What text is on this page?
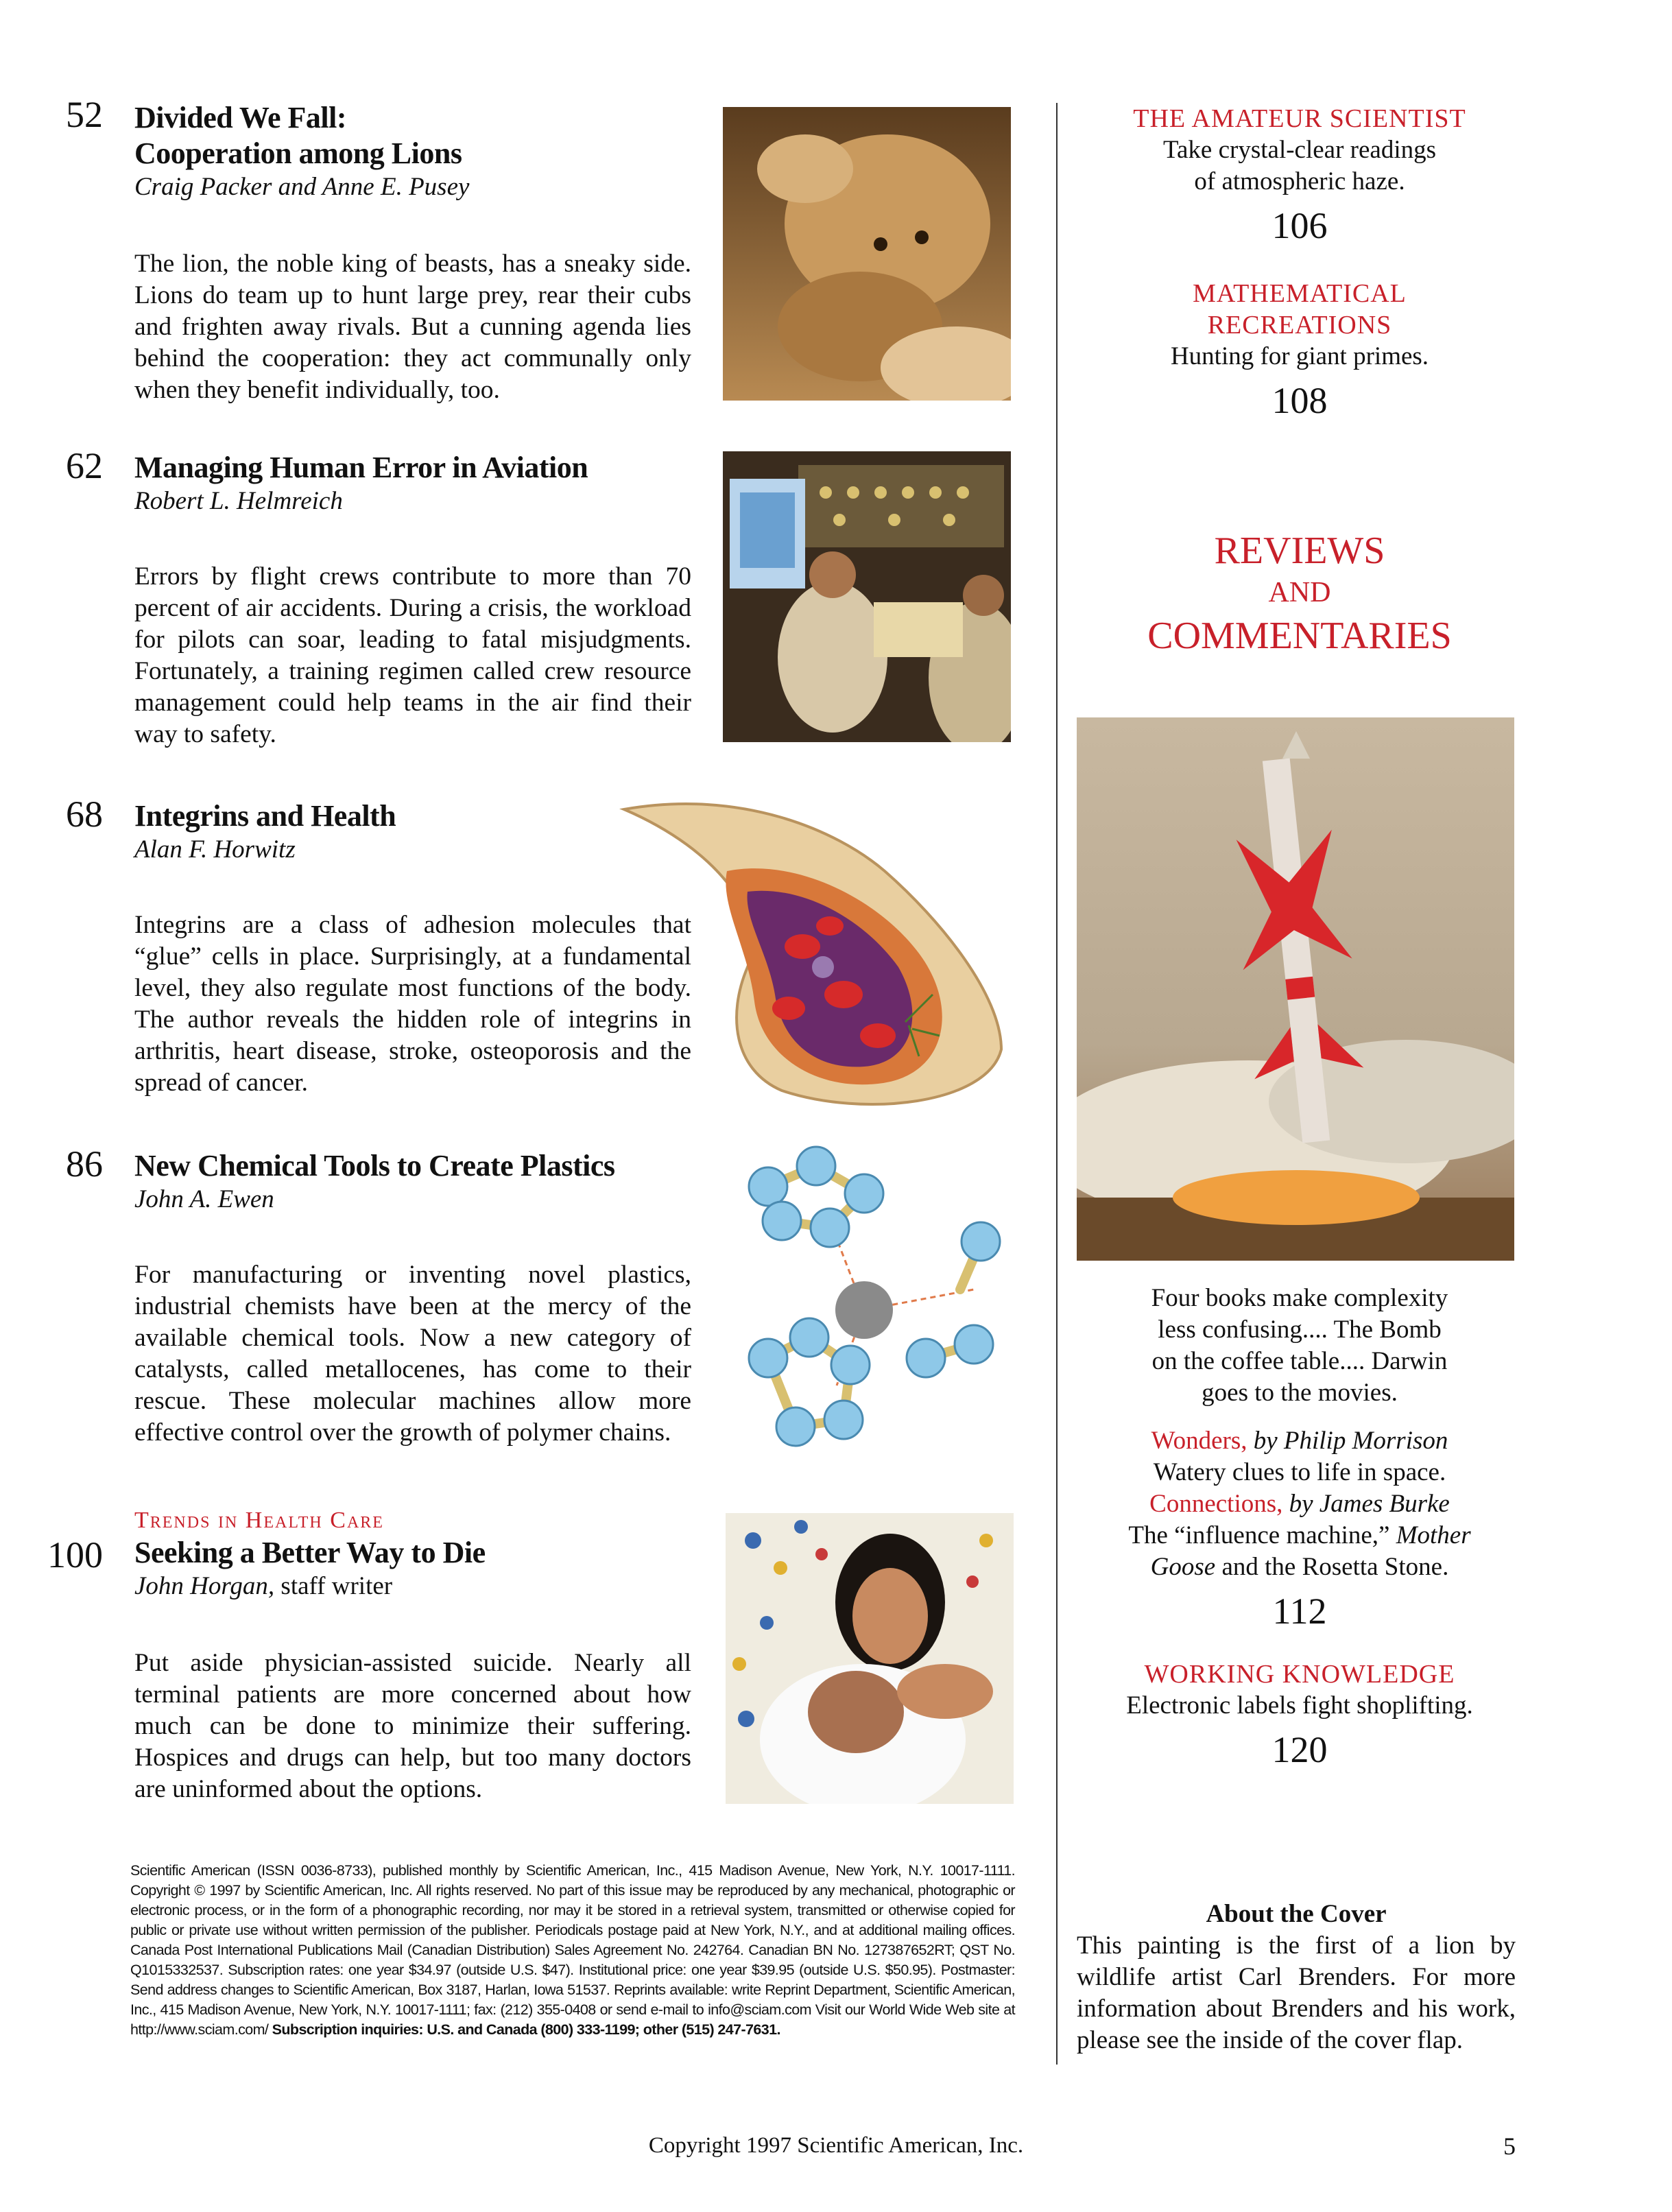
52 Divided We Fall:
Cooperation among Lions
Craig Packer and Anne E. Pusey
The lion, the noble king of beasts, has a sneaky side. Lions do team up to hunt large prey, rear their cubs and frighten away rivals. But a cunning agenda lies behind the cooperation: they act communally only when they benefit individually, too.
62 Managing Human Error in Aviation
Robert L. Helmreich
Errors by flight crews contribute to more than 70 percent of air accidents. During a crisis, the workload for pilots can soar, leading to fatal misjudgments. Fortunately, a training regimen called crew resource management could help teams in the air find their way to safety.
68 Integrins and Health
Alan F. Horwitz
Integrins are a class of adhesion molecules that “glue” cells in place. Surprisingly, at a fundamental level, they also regulate most functions of the body. The author reveals the hidden role of integrins in arthritis, heart disease, stroke, osteoporosis and the spread of cancer.
86 New Chemical Tools to Create Plastics
John A. Ewen
For manufacturing or inventing novel plastics, industrial chemists have been at the mercy of the available chemical tools. Now a new category of catalysts, called metallocenes, has come to their rescue. These molecular machines allow more effective control over the growth of polymer chains.
100
Trends in Health Care
Seeking a Better Way to Die
John Horgan, staff writer
Put aside physician-assisted suicide. Nearly all terminal patients are more concerned about how much can be done to minimize their suffering. Hospices and drugs can help, but too many doctors are uninformed about the options.
Scientific American (ISSN 0036-8733), published monthly by Scientific American, Inc., 415 Madison Avenue, New York, N.Y. 10017-1111. Copyright © 1997 by Scientific American, Inc. All rights reserved. No part of this issue may be reproduced by any mechanical, photographic or electronic process, or in the form of a phonographic recording, nor may it be stored in a retrieval system, transmitted or otherwise copied for public or private use without written permission of the publisher. Periodicals postage paid at New York, N.Y., and at additional mailing offices. Canada Post International Publications Mail (Canadian Distribution) Sales Agreement No. 242764. Canadian BN No. 127387652RT; QST No. Q1015332537. Subscription rates: one year $34.97 (outside U.S. $47). Institutional price: one year $39.95 (outside U.S. $50.95). Postmaster: Send address changes to Scientific American, Box 3187, Harlan, Iowa 51537. Reprints available: write Reprint Department, Scientific American, Inc., 415 Madison Avenue, New York, N.Y. 10017-1111; fax: (212) 355-0408 or send e-mail to info@sciam.com Visit our World Wide Web site at http://www.sciam.com/ Subscription inquiries: U.S. and Canada (800) 333-1199; other (515) 247-7631.
THE AMATEUR SCIENTIST
Take crystal-clear readings
of atmospheric haze.
106
MATHEMATICAL
RECREATIONS
Hunting for giant primes.
108
REVIEWS
AND
COMMENTARIES
Four books make complexity
less confusing.... The Bomb
on the coffee table.... Darwin
goes to the movies.
Wonders, by Philip Morrison
Watery clues to life in space.
Connections, by James Burke
The “influence machine,” Mother
Goose and the Rosetta Stone.
112
WORKING KNOWLEDGE
Electronic labels fight shoplifting.
120
About the Cover
This painting is the first of a lion by wildlife artist Carl Brenders. For more information about Brenders and his work, please see the inside of the cover flap.
Copyright 1997 Scientific American, Inc.	5
